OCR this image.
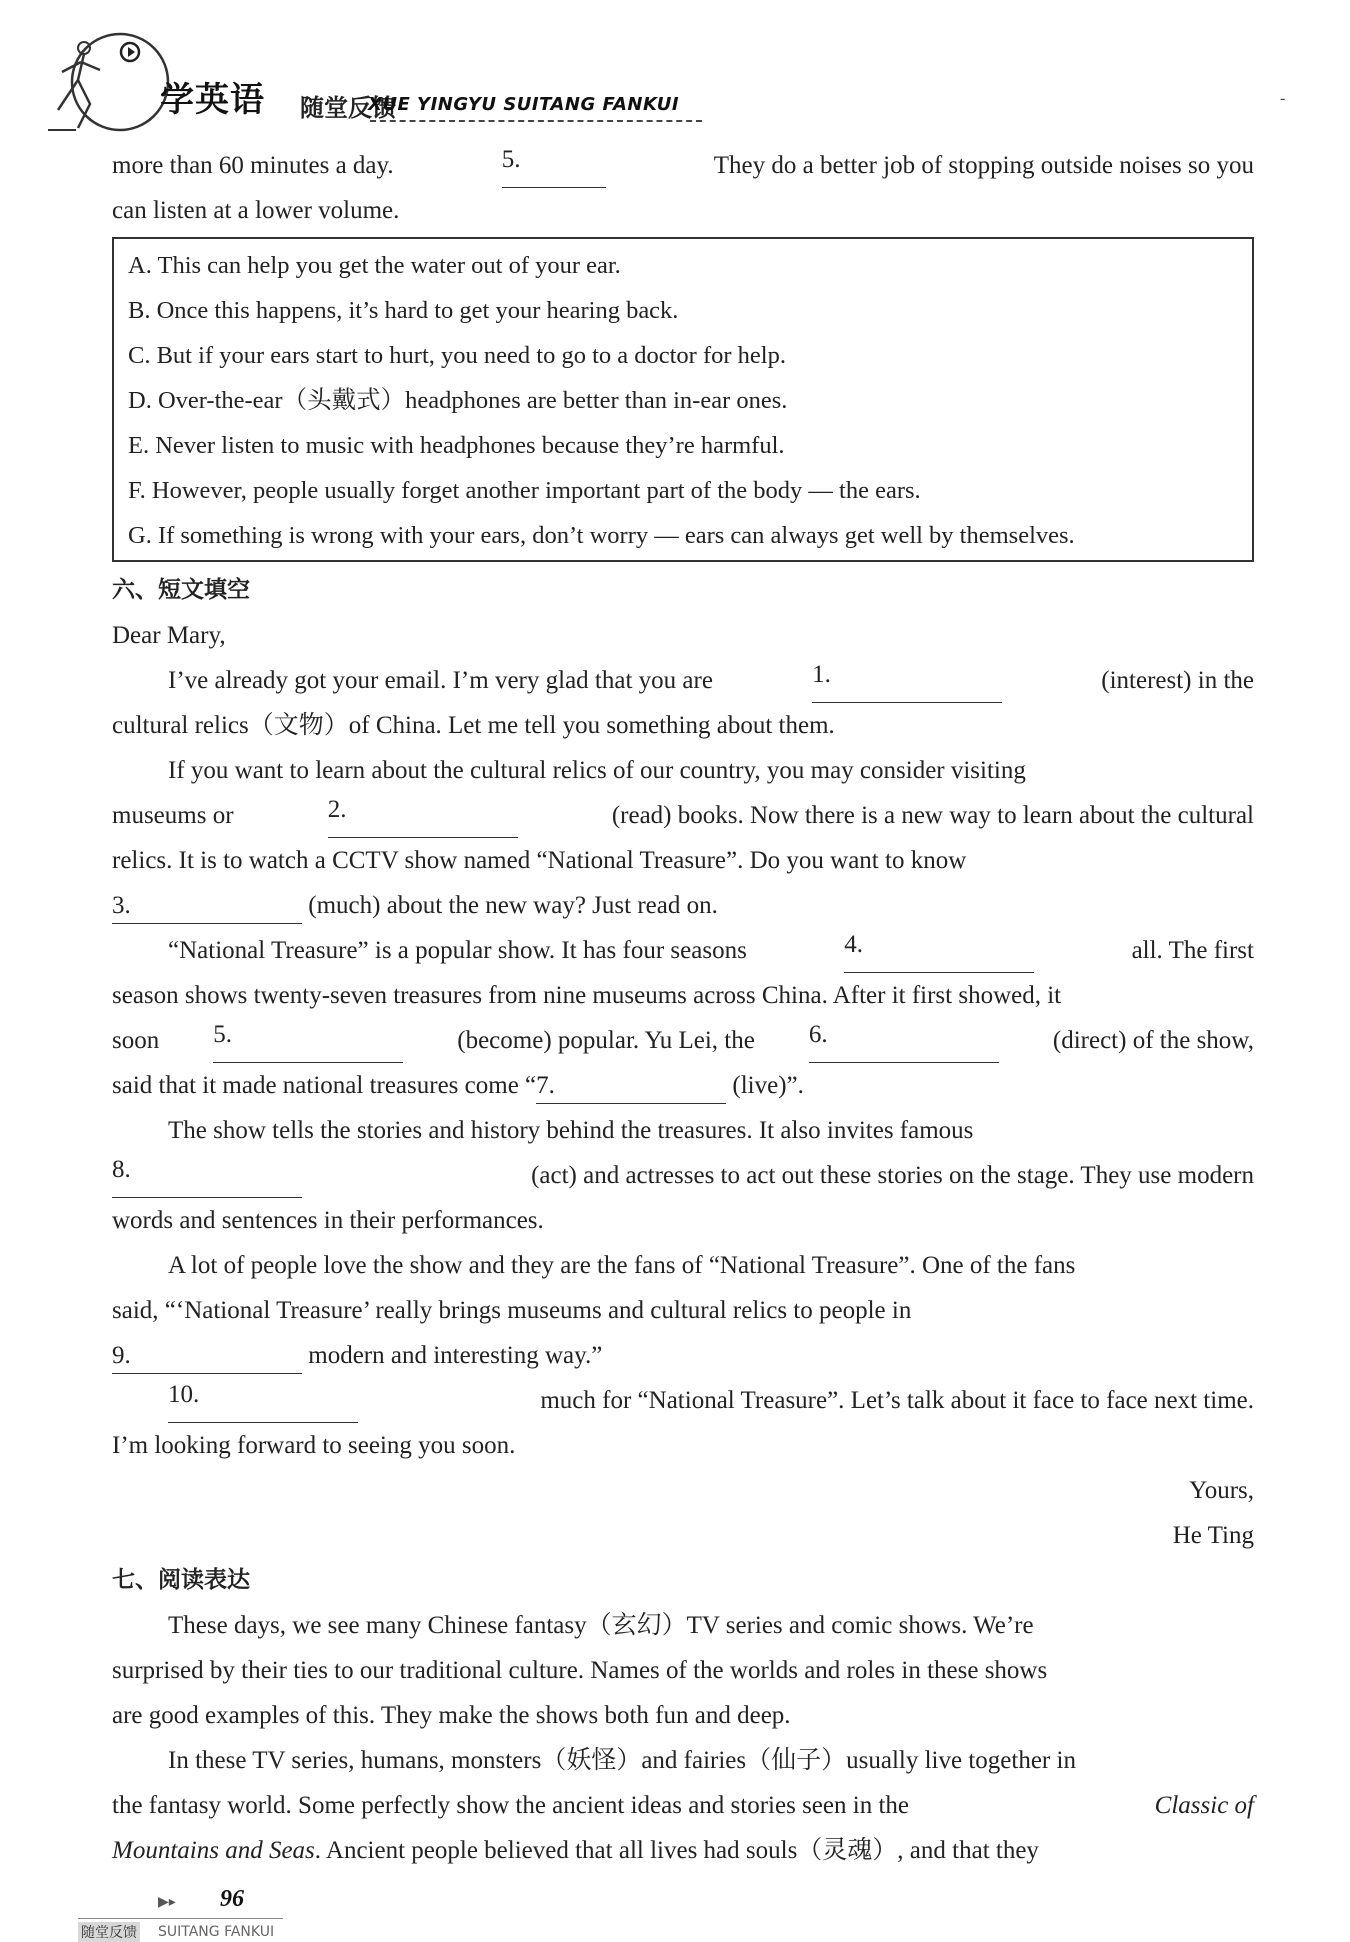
学英语 随堂反馈
XUE YINGYU SUITANG FANKUI	-
more than 60 minutes a day.	5.	They do a better job of stopping outside noises so you
can listen at a lower volume.
A. This can help you get the water out of your ear.
B. Once this happens, it’s hard to get your hearing back.
C. But if your ears start to hurt, you need to go to a doctor for help.
D. Over-the-ear（头戴式）headphones are better than in-ear ones.
E. Never listen to music with headphones because they’re harmful.
F. However, people usually forget another important part of the body — the ears.
G. If something is wrong with your ears, don’t worry — ears can always get well by themselves.
六、短文填空
Dear Mary,
I’ve already got your email. I’m very glad that you are	1.	(interest) in the
cultural relics（文物）of China. Let me tell you something about them.
If you want to learn about the cultural relics of our country, you may consider visiting
museums or	2.	(read) books. Now there is a new way to learn about the cultural
relics. It is to watch a CCTV show named “National Treasure”. Do you want to know
3.	(much) about the new way? Just read on.
“National Treasure” is a popular show. It has four seasons	4.	all. The first
season shows twenty-seven treasures from nine museums across China. After it first showed, it
soon 5.	(become) popular. Yu Lei, the 6.	(direct) of the show,
said that it made national treasures come “7.	(live)”.
The show tells the stories and history behind the treasures. It also invites famous
8.	(act) and actresses to act out these stories on the stage. They use modern
words and sentences in their performances.
A lot of people love the show and they are the fans of “National Treasure”. One of the fans
said, “‘National Treasure’ really brings museums and cultural relics to people in
9.	modern and interesting way.”
10.	much for “National Treasure”. Let’s talk about it face to face next time.
I’m looking forward to seeing you soon.
Yours,
He Ting
七、阅读表达
These days, we see many Chinese fantasy（玄幻）TV series and comic shows. We’re
surprised by their ties to our traditional culture. Names of the worlds and roles in these shows
are good examples of this. They make the shows both fun and deep.
In these TV series, humans, monsters（妖怪）and fairies（仙子）usually live together in
the fantasy world. Some perfectly show the ancient ideas and stories seen in the	Classic of
Mountains and Seas. Ancient people believed that all lives had souls（灵魂）, and that they
▶▸ 96
随堂反馈 SUITANG FANKUI
